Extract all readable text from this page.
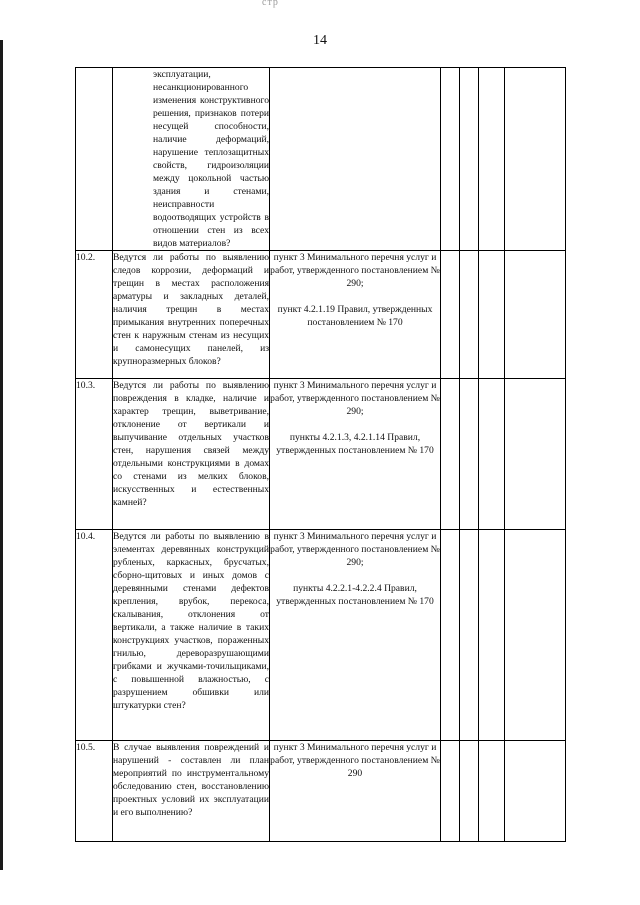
стр
14
	эксплуатации, несанкционированного изменения конструктивного решения, признаков потери несущей способности, наличие деформаций, нарушение теплозащитных свойств, гидроизоляции между цокольной частью здания и стенами, неисправности водоотводящих устройств в отношении стен из всех видов материалов?					
10.2.	Ведутся ли работы по выявлению следов коррозии, деформаций и трещин в местах расположения арматуры и закладных деталей, наличия трещин в местах примыкания внутренних поперечных стен к наружным стенам из несущих и самонесущих панелей, из крупноразмерных блоков?	пункт 3 Минимального перечня услуг и работ, утвержденного постановлением № 290;
пункт 4.2.1.19 Правил, утвержденных постановлением № 170				

10.3.	Ведутся ли работы по выявлению повреждения в кладке, наличие и характер трещин, выветривание, отклонение от вертикали и выпучивание отдельных участков стен, нарушения связей между отдельными конструкциями в домах со стенами из мелких блоков, искусственных и естественных камней?	пункт 3 Минимального перечня услуг и работ, утвержденного постановлением № 290;
пункты 4.2.1.3, 4.2.1.14 Правил, утвержденных постановлением № 170				

10.4.	Ведутся ли работы по выявлению в элементах деревянных конструкций рубленых, каркасных, брусчатых, сборно-щитовых и иных домов с деревянными стенами дефектов крепления, врубок, перекоса, скалывания, отклонения от вертикали, а также наличие в таких конструкциях участков, пораженных гнилью, дереворазрушающими грибками и жучками-точильщиками, с повышенной влажностью, с разрушением обшивки или штукатурки стен?	пункт 3 Минимального перечня услуг и работ, утвержденного постановлением № 290;
пункты 4.2.2.1-4.2.2.4 Правил, утвержденных постановлением № 170				

10.5.	В случае выявления повреждений и нарушений - составлен ли план мероприятий по инструментальному обследованию стен, восстановлению проектных условий их эксплуатации и его выполнению?	пункт 3 Минимального перечня услуг и работ, утвержденного постановлением № 290				
